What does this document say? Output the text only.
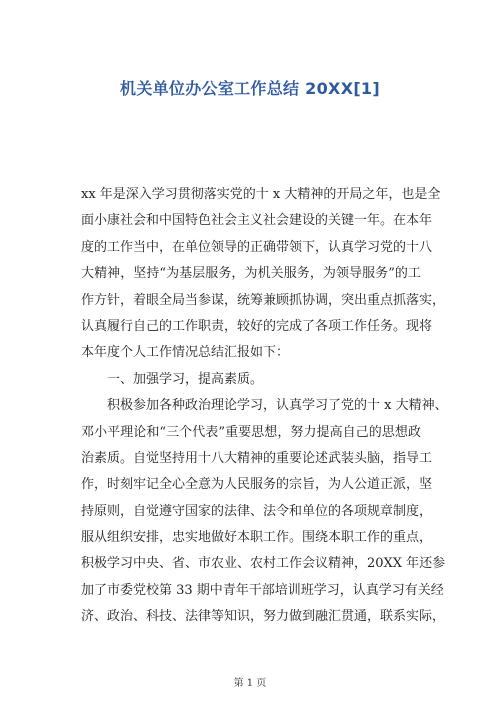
机关单位办公室工作总结 20XX[1]
xx 年是深入学习贯彻落实党的十 x 大精神的开局之年，也是全
面小康社会和中国特色社会主义社会建设的关键一年。在本年
度的工作当中，在单位领导的正确带领下，认真学习党的十八
大精神，坚持“为基层服务，为机关服务，为领导服务”的工
作方针，着眼全局当参谋，统筹兼顾抓协调，突出重点抓落实，
认真履行自己的工作职责，较好的完成了各项工作任务。现将
本年度个人工作情况总结汇报如下：
　　一、加强学习，提高素质。
　　积极参加各种政治理论学习，认真学习了党的十 x 大精神、
邓小平理论和“三个代表”重要思想，努力提高自己的思想政
治素质。自觉坚持用十八大精神的重要论述武装头脑，指导工
作，时刻牢记全心全意为人民服务的宗旨，为人公道正派，坚
持原则，自觉遵守国家的法律、法令和单位的各项规章制度，
服从组织安排，忠实地做好本职工作。围绕本职工作的重点，
积极学习中央、省、市农业、农村工作会议精神，20XX 年还参
加了市委党校第 33 期中青年干部培训班学习，认真学习有关经
济、政治、科技、法律等知识，努力做到融汇贯通，联系实际，
第 1 页
